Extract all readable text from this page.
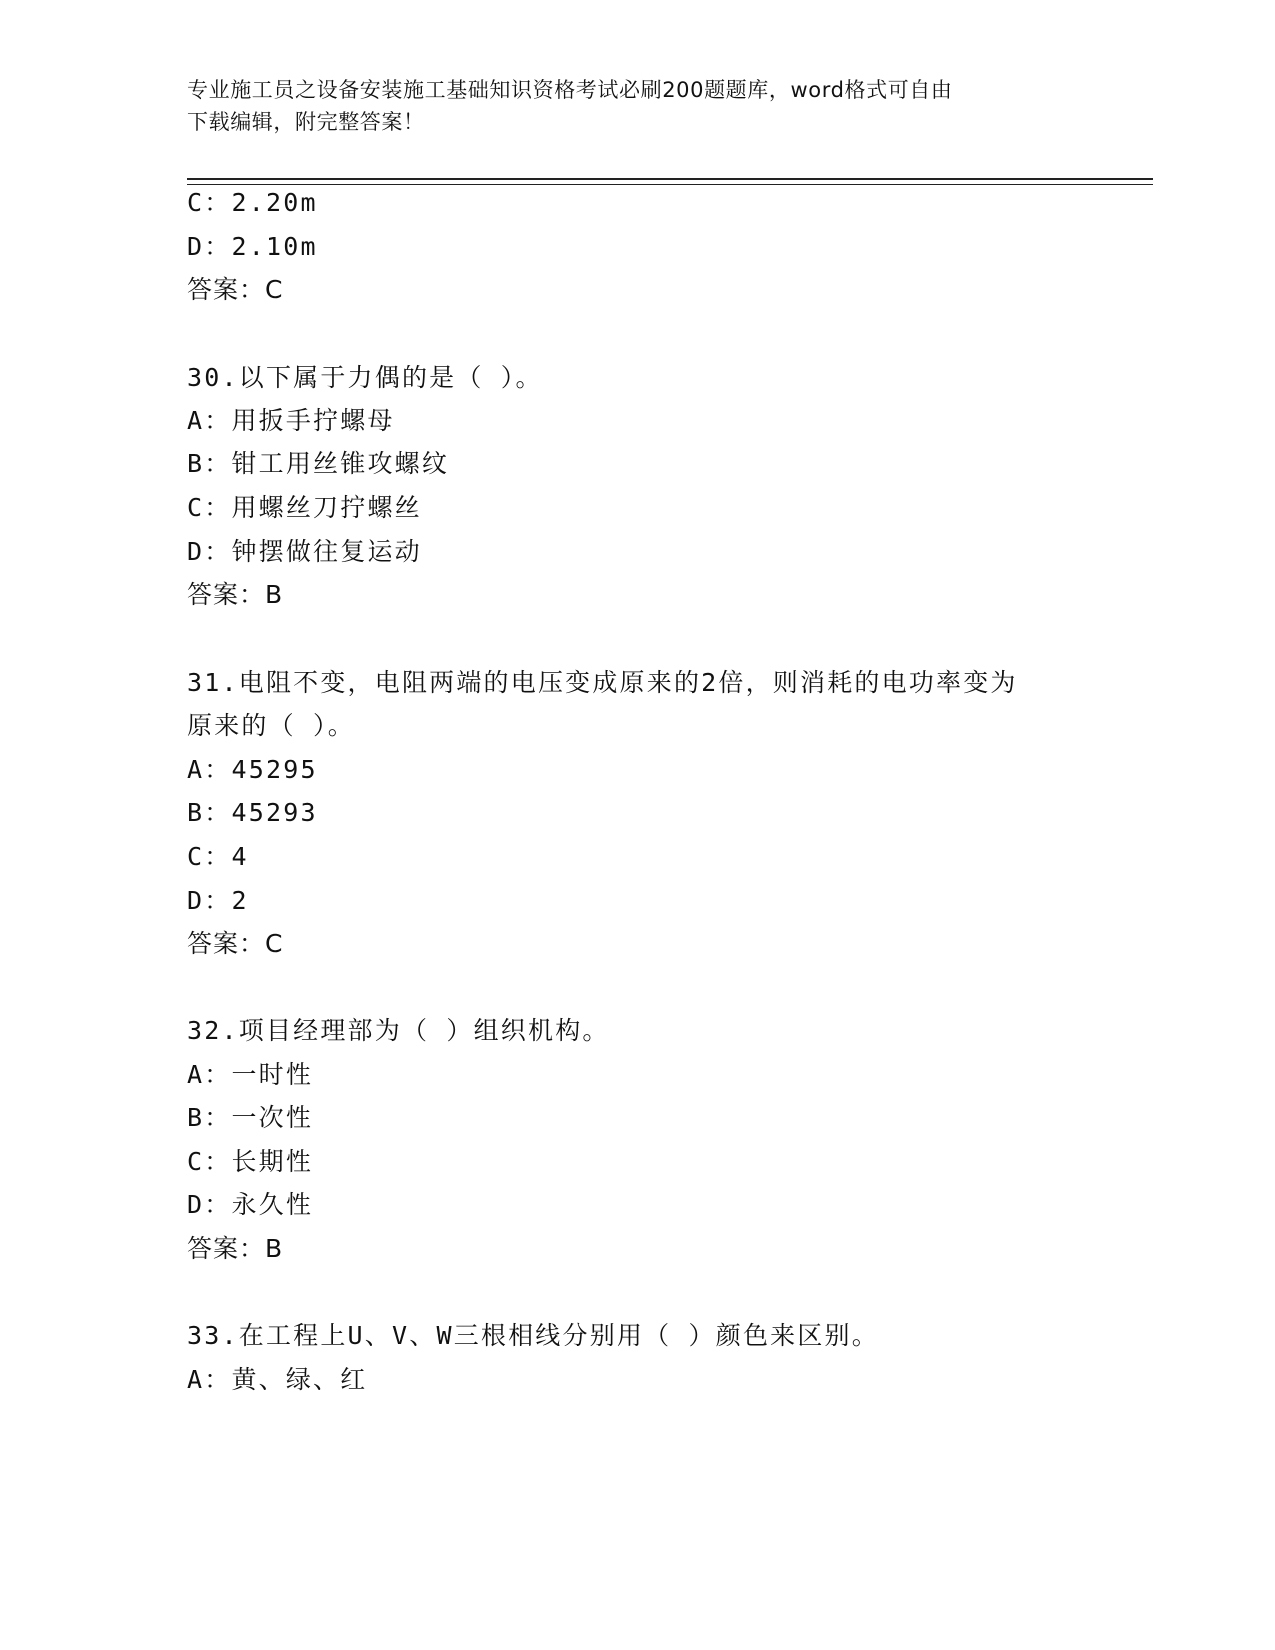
专业施工员之设备安装施工基础知识资格考试必刷200题题库，word格式可自由
下载编辑，附完整答案！
C：2.20m
D：2.10m
答案：C
30.以下属于力偶的是（ ）。
A：用扳手拧螺母
B：钳工用丝锥攻螺纹
C：用螺丝刀拧螺丝
D：钟摆做往复运动
答案：B
31.电阻不变，电阻两端的电压变成原来的2倍，则消耗的电功率变为
原来的（ ）。
A：45295
B：45293
C：4
D：2
答案：C
32.项目经理部为（ ）组织机构。
A：一时性
B：一次性
C：长期性
D：永久性
答案：B
33.在工程上U、V、W三根相线分别用（ ）颜色来区别。
A：黄、绿、红
